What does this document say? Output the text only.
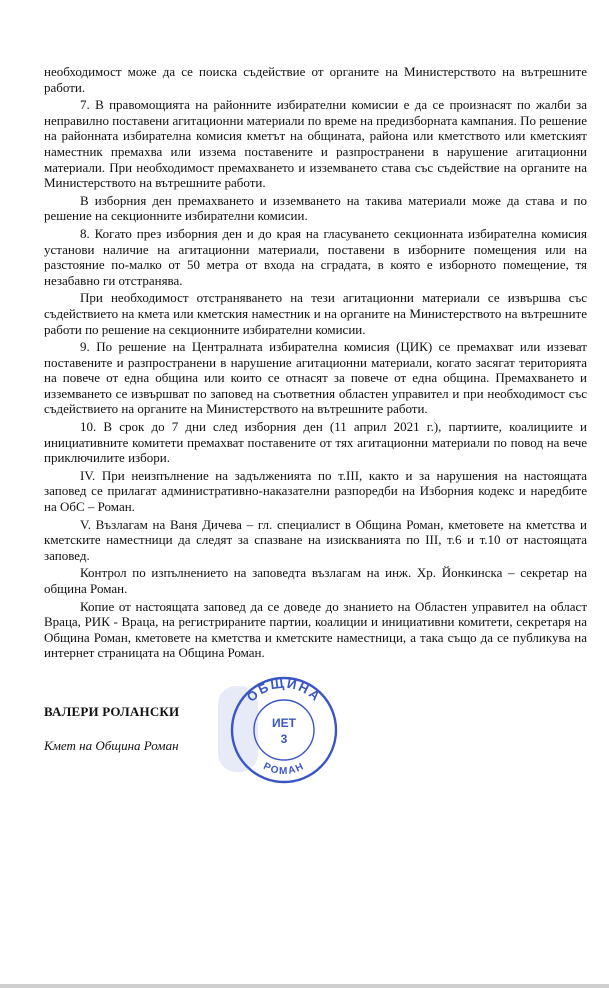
необходимост може да се поиска съдействие от органите на Министерството на вътрешните работи.

7. В правомощията на районните избирателни комисии е да се произнасят по жалби за неправилно поставени агитационни материали по време на предизборната кампания. По решение на районната избирателна комисия кметът на общината, района или кметството или кметският наместник премахва или иззема поставените и разпространени в нарушение агитационни материали. При необходимост премахването и изземването става със съдействие на органите на Министерството на вътрешните работи.

В изборния ден премахването и изземването на такива материали може да става и по решение на секционните избирателни комисии.

8. Когато през изборния ден и до края на гласуването секционната избирателна комисия установи наличие на агитационни материали, поставени в изборните помещения или на разстояние по-малко от 50 метра от входа на сградата, в която е изборното помещение, тя незабавно ги отстранява.

При необходимост отстраняването на тези агитационни материали се извършва със съдействието на кмета или кметския наместник и на органите на Министерството на вътрешните работи по решение на секционните избирателни комисии.

9. По решение на Централната избирателна комисия (ЦИК) се премахват или иззеват поставените и разпространени в нарушение агитационни материали, когато засягат територията на повече от една община или които се отнасят за повече от една община. Премахването и изземването се извършват по заповед на съответния областен управител и при необходимост със съдействието на органите на Министерството на вътрешните работи.

10. В срок до 7 дни след изборния ден (11 април 2021 г.), партиите, коалициите и инициативните комитети премахват поставените от тях агитационни материали по повод на вече приключилите избори.

IV. При неизпълнение на задълженията по т.III, както и за нарушения на настоящата заповед се прилагат административно-наказателни разпоредби на Изборния кодекс и наредбите на ОбС – Роман.

V. Възлагам на Ваня Дичева – гл. специалист в Община Роман, кметовете на кметства и кметските наместници да следят за спазване на изискванията по III, т.6 и т.10 от настоящата заповед.

Контрол по изпълнението на заповедта възлагам на инж. Хр. Йонкинска – секретар на община Роман.

Копие от настоящата заповед да се доведе до знанието на Областен управител на област Враца, РИК - Враца, на регистрираните партии, коалиции и инициативни комитети, секретаря на Община Роман, кметовете на кметства и кметските наместници, а така също да се публикува на интернет страницата на Община Роман.

ВАЛЕРИ РОЛАНСКИ
Кмет на Община Роман
ОБЩИНА
ИЕТ
3
РОМАН
